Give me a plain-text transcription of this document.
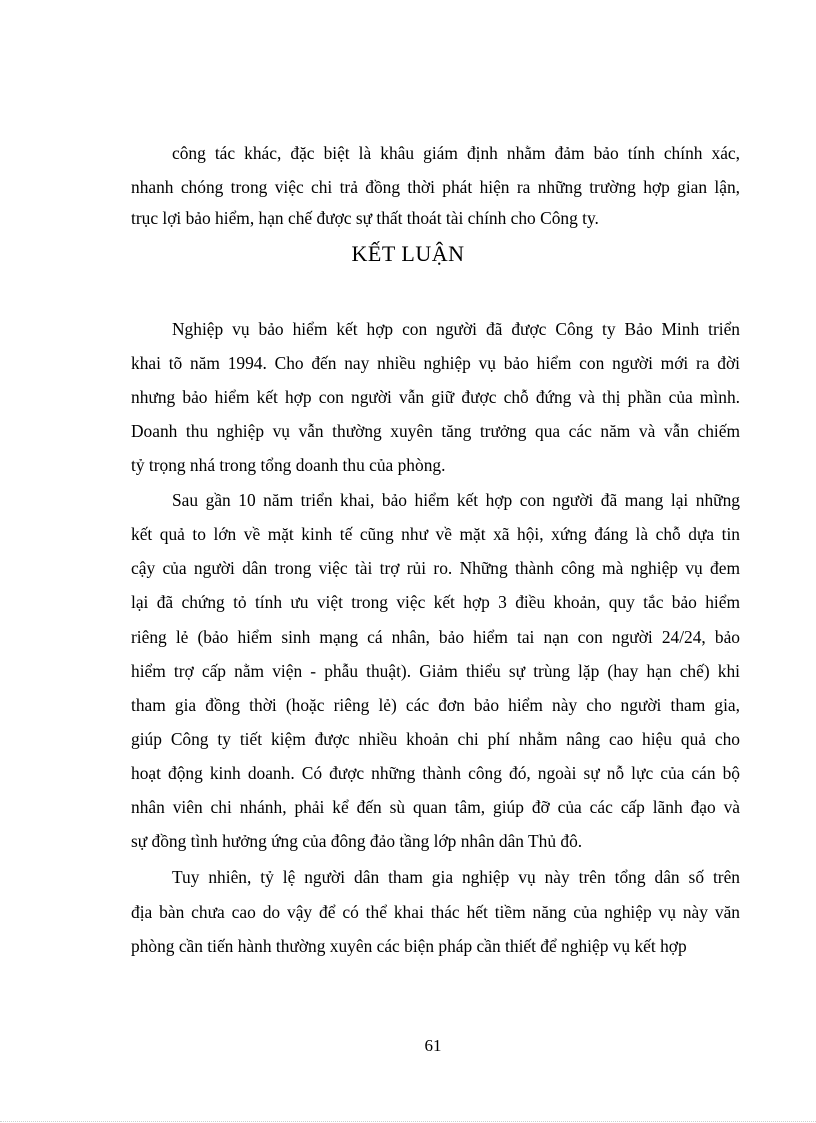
công tác khác, đặc biệt là khâu giám định nhằm đảm bảo tính chính xác,
nhanh chóng trong việc chi trả đồng thời phát hiện ra những trường hợp gian lận,
trục lợi bảo hiểm, hạn chế được sự thất thoát tài chính cho Công ty.
KẾT LUẬN
Nghiệp vụ bảo hiểm kết hợp con người đã được Công ty Bảo Minh triển
khai tõ năm 1994. Cho đến nay nhiều nghiệp vụ bảo hiểm con người mới ra đời
nhưng bảo hiểm kết hợp con người vẫn giữ được chỗ đứng và thị phần của mình.
Doanh thu nghiệp vụ vẫn thường xuyên tăng trưởng qua các năm và vẫn chiếm
tỷ trọng nhá trong tổng doanh thu của phòng.
Sau gần 10 năm triển khai, bảo hiểm kết hợp con người đã mang lại những
kết quả to lớn về mặt kinh tế cũng như về mặt xã hội, xứng đáng là chỗ dựa tin
cậy của người dân trong việc tài trợ rủi ro. Những thành công mà nghiệp vụ đem
lại đã chứng tỏ tính ưu việt trong việc kết hợp 3 điều khoản, quy tắc bảo hiểm
riêng lẻ (bảo hiểm sinh mạng cá nhân, bảo hiểm tai nạn con người 24/24, bảo
hiểm trợ cấp nằm viện - phẫu thuật). Giảm thiểu sự trùng lặp (hay hạn chế) khi
tham gia đồng thời (hoặc riêng lẻ) các đơn bảo hiểm này cho người tham gia,
giúp Công ty tiết kiệm được nhiều khoản chi phí nhằm nâng cao hiệu quả cho
hoạt động kinh doanh. Có được những thành công đó, ngoài sự nỗ lực của cán bộ
nhân viên chi nhánh, phải kể đến sù quan tâm, giúp đỡ của các cấp lãnh đạo và
sự đồng tình hưởng ứng của đông đảo tầng lớp nhân dân Thủ đô.
Tuy nhiên, tỷ lệ người dân tham gia nghiệp vụ này trên tổng dân số trên
địa bàn chưa cao do vậy để có thể khai thác hết tiềm năng của nghiệp vụ này văn
phòng cần tiến hành thường xuyên các biện pháp cần thiết để nghiệp vụ kết hợp
61
